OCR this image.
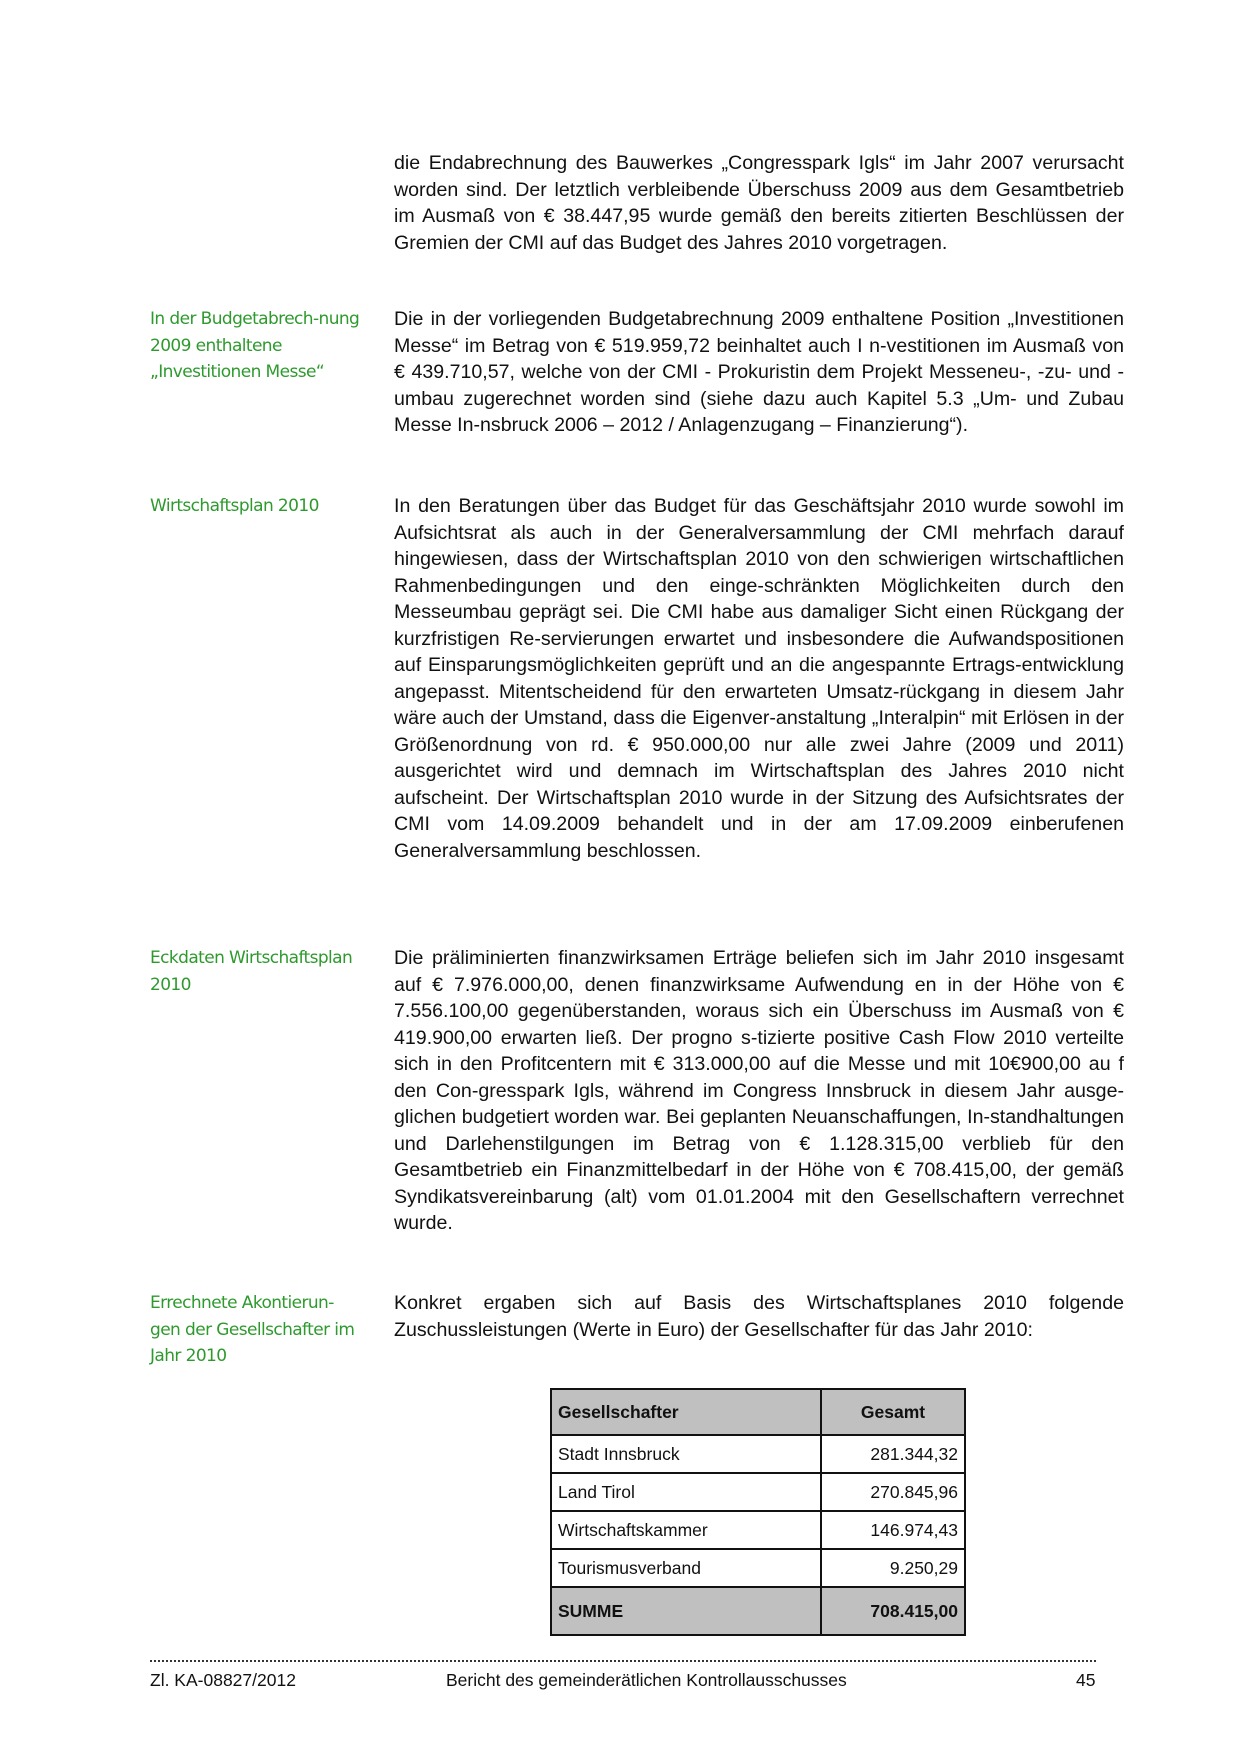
die Endabrechnung des Bauwerkes „Congresspark Igls“ im Jahr 2007 verursacht worden sind. Der letztlich verbleibende Überschuss 2009 aus dem Gesamtbetrieb im Ausmaß von € 38.447,95 wurde gemäß den bereits zitierten Beschlüssen der Gremien der CMI auf das Budget des Jahres 2010 vorgetragen.

In der Budgetabrech-nung 2009 enthaltene „Investitionen Messe“

Die in der vorliegenden Budgetabrechnung 2009 enthaltene Position „Investitionen Messe“ im Betrag von € 519.959,72 beinhaltet auch I n-vestitionen im Ausmaß von € 439.710,57, welche von der CMI - Prokuristin dem Projekt Messeneu-, -zu- und -umbau zugerechnet worden sind (siehe dazu auch Kapitel 5.3 „Um- und Zubau Messe In-nsbruck 2006 – 2012 / Anlagenzugang – Finanzierung“).

Wirtschaftsplan 2010	In den Beratungen über das Budget für das Geschäftsjahr 2010 wurde sowohl im Aufsichtsrat als auch in der Generalversammlung der CMI mehrfach darauf hingewiesen, dass der Wirtschaftsplan 2010 von den schwierigen wirtschaftlichen Rahmenbedingungen und den einge-schränkten Möglichkeiten durch den Messeumbau geprägt sei. Die CMI habe aus damaliger Sicht einen Rückgang der kurzfristigen Re-servierungen erwartet und insbesondere die Aufwandspositionen auf Einsparungsmöglichkeiten geprüft und an die angespannte Ertrags-entwicklung angepasst. Mitentscheidend für den erwarteten Umsatz-rückgang in diesem Jahr wäre auch der Umstand, dass die Eigenver-anstaltung „Interalpin“ mit Erlösen in der Größenordnung von rd. € 950.000,00 nur alle zwei Jahre (2009 und 2011) ausgerichtet wird und demnach im Wirtschaftsplan des Jahres 2010 nicht aufscheint. Der Wirtschaftsplan 2010 wurde in der Sitzung des Aufsichtsrates der CMI vom 14.09.2009 behandelt und in der am 17.09.2009 einberufenen Generalversammlung beschlossen.

Eckdaten Wirtschaftsplan 2010

Die präliminierten finanzwirksamen Erträge beliefen sich im Jahr 2010 insgesamt auf € 7.976.000,00, denen finanzwirksame Aufwendung en in der Höhe von € 7.556.100,00 gegenüberstanden, woraus sich ein Überschuss im Ausmaß von € 419.900,00 erwarten ließ. Der progno s-tizierte positive Cash Flow 2010 verteilte sich in den Profitcentern mit € 313.000,00 auf die Messe und mit 10€900,00 au f den Con-gresspark Igls, während im Congress Innsbruck in diesem Jahr ausge-glichen budgetiert worden war. Bei geplanten Neuanschaffungen, In-standhaltungen und Darlehenstilgungen im Betrag von € 1.128.315,00 verblieb für den Gesamtbetrieb ein Finanzmittelbedarf in der Höhe von € 708.415,00, der gemäß Syndikatsvereinbarung (alt) vom 01.01.2004 mit den Gesellschaftern verrechnet wurde.

Errechnete Akontierun-gen der Gesellschafter im Jahr 2010

Konkret ergaben sich auf Basis des Wirtschaftsplanes 2010 folgende Zuschussleistungen (Werte in Euro) der Gesellschafter für das Jahr 2010:

Gesellschafter	Gesamt
Stadt Innsbruck	281.344,32
Land Tirol	270.845,96
Wirtschaftskammer	146.974,43
Tourismusverband	9.250,29
SUMME	708.415,00
Zl. KA-08827/2012	Bericht des gemeinderätlichen Kontrollausschusses	45
